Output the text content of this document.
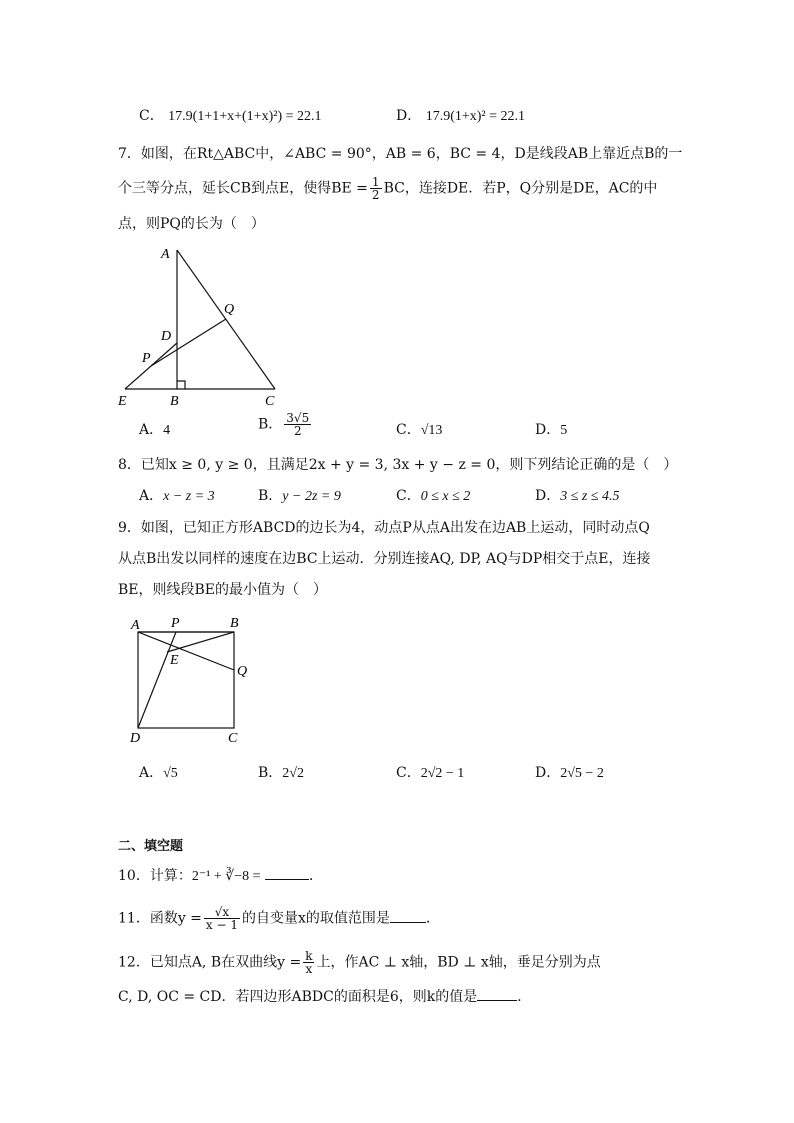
C． 17.9(1+1+x+(1+x)²) = 22.1	D． 17.9(1+x)² = 22.1
7．如图，在Rt△ABC中，∠ABC = 90°，AB = 6，BC = 4，D是线段AB上靠近点B的一
个三等分点，延长CB到点E，使得BE = $\frac{1}{2}$ BC，连接DE．若P，Q分别是DE，AC的中
点，则PQ的长为（　）
A
D
P
Q
E	B	C
A．4	B． $\frac{3√5}{2}$	C．√13	D．5
8．已知x ≥ 0, y ≥ 0，且满足2x + y = 3, 3x + y − z = 0，则下列结论正确的是（　）
A．x − z = 3	B．y − 2z = 9	C．0 ≤ x ≤ 2	D．3 ≤ z ≤ 4.5
9．如图，已知正方形ABCD的边长为4，动点P从点A出发在边AB上运动，同时动点Q
从点B出发以同样的速度在边BC上运动．分别连接AQ, DP, AQ与DP相交于点E，连接
BE，则线段BE的最小值为（　）
A P	B
E
Q
D	C
A．√5	B．2√2	C．2√2 − 1	D．2√5 − 2
二、填空题
10．计算：2⁻¹ + ∛−8 =	．
11．函数$y = \frac{√x}{x - 1}$ 的自变量x的取值范围是	．
12．已知点A, B在双曲线$y = \frac{k}{x}$ 上，作AC ⊥ x轴，BD ⊥ x轴，垂足分别为点
C, D, OC = CD．若四边形ABDC的面积是6，则k的值是	．
